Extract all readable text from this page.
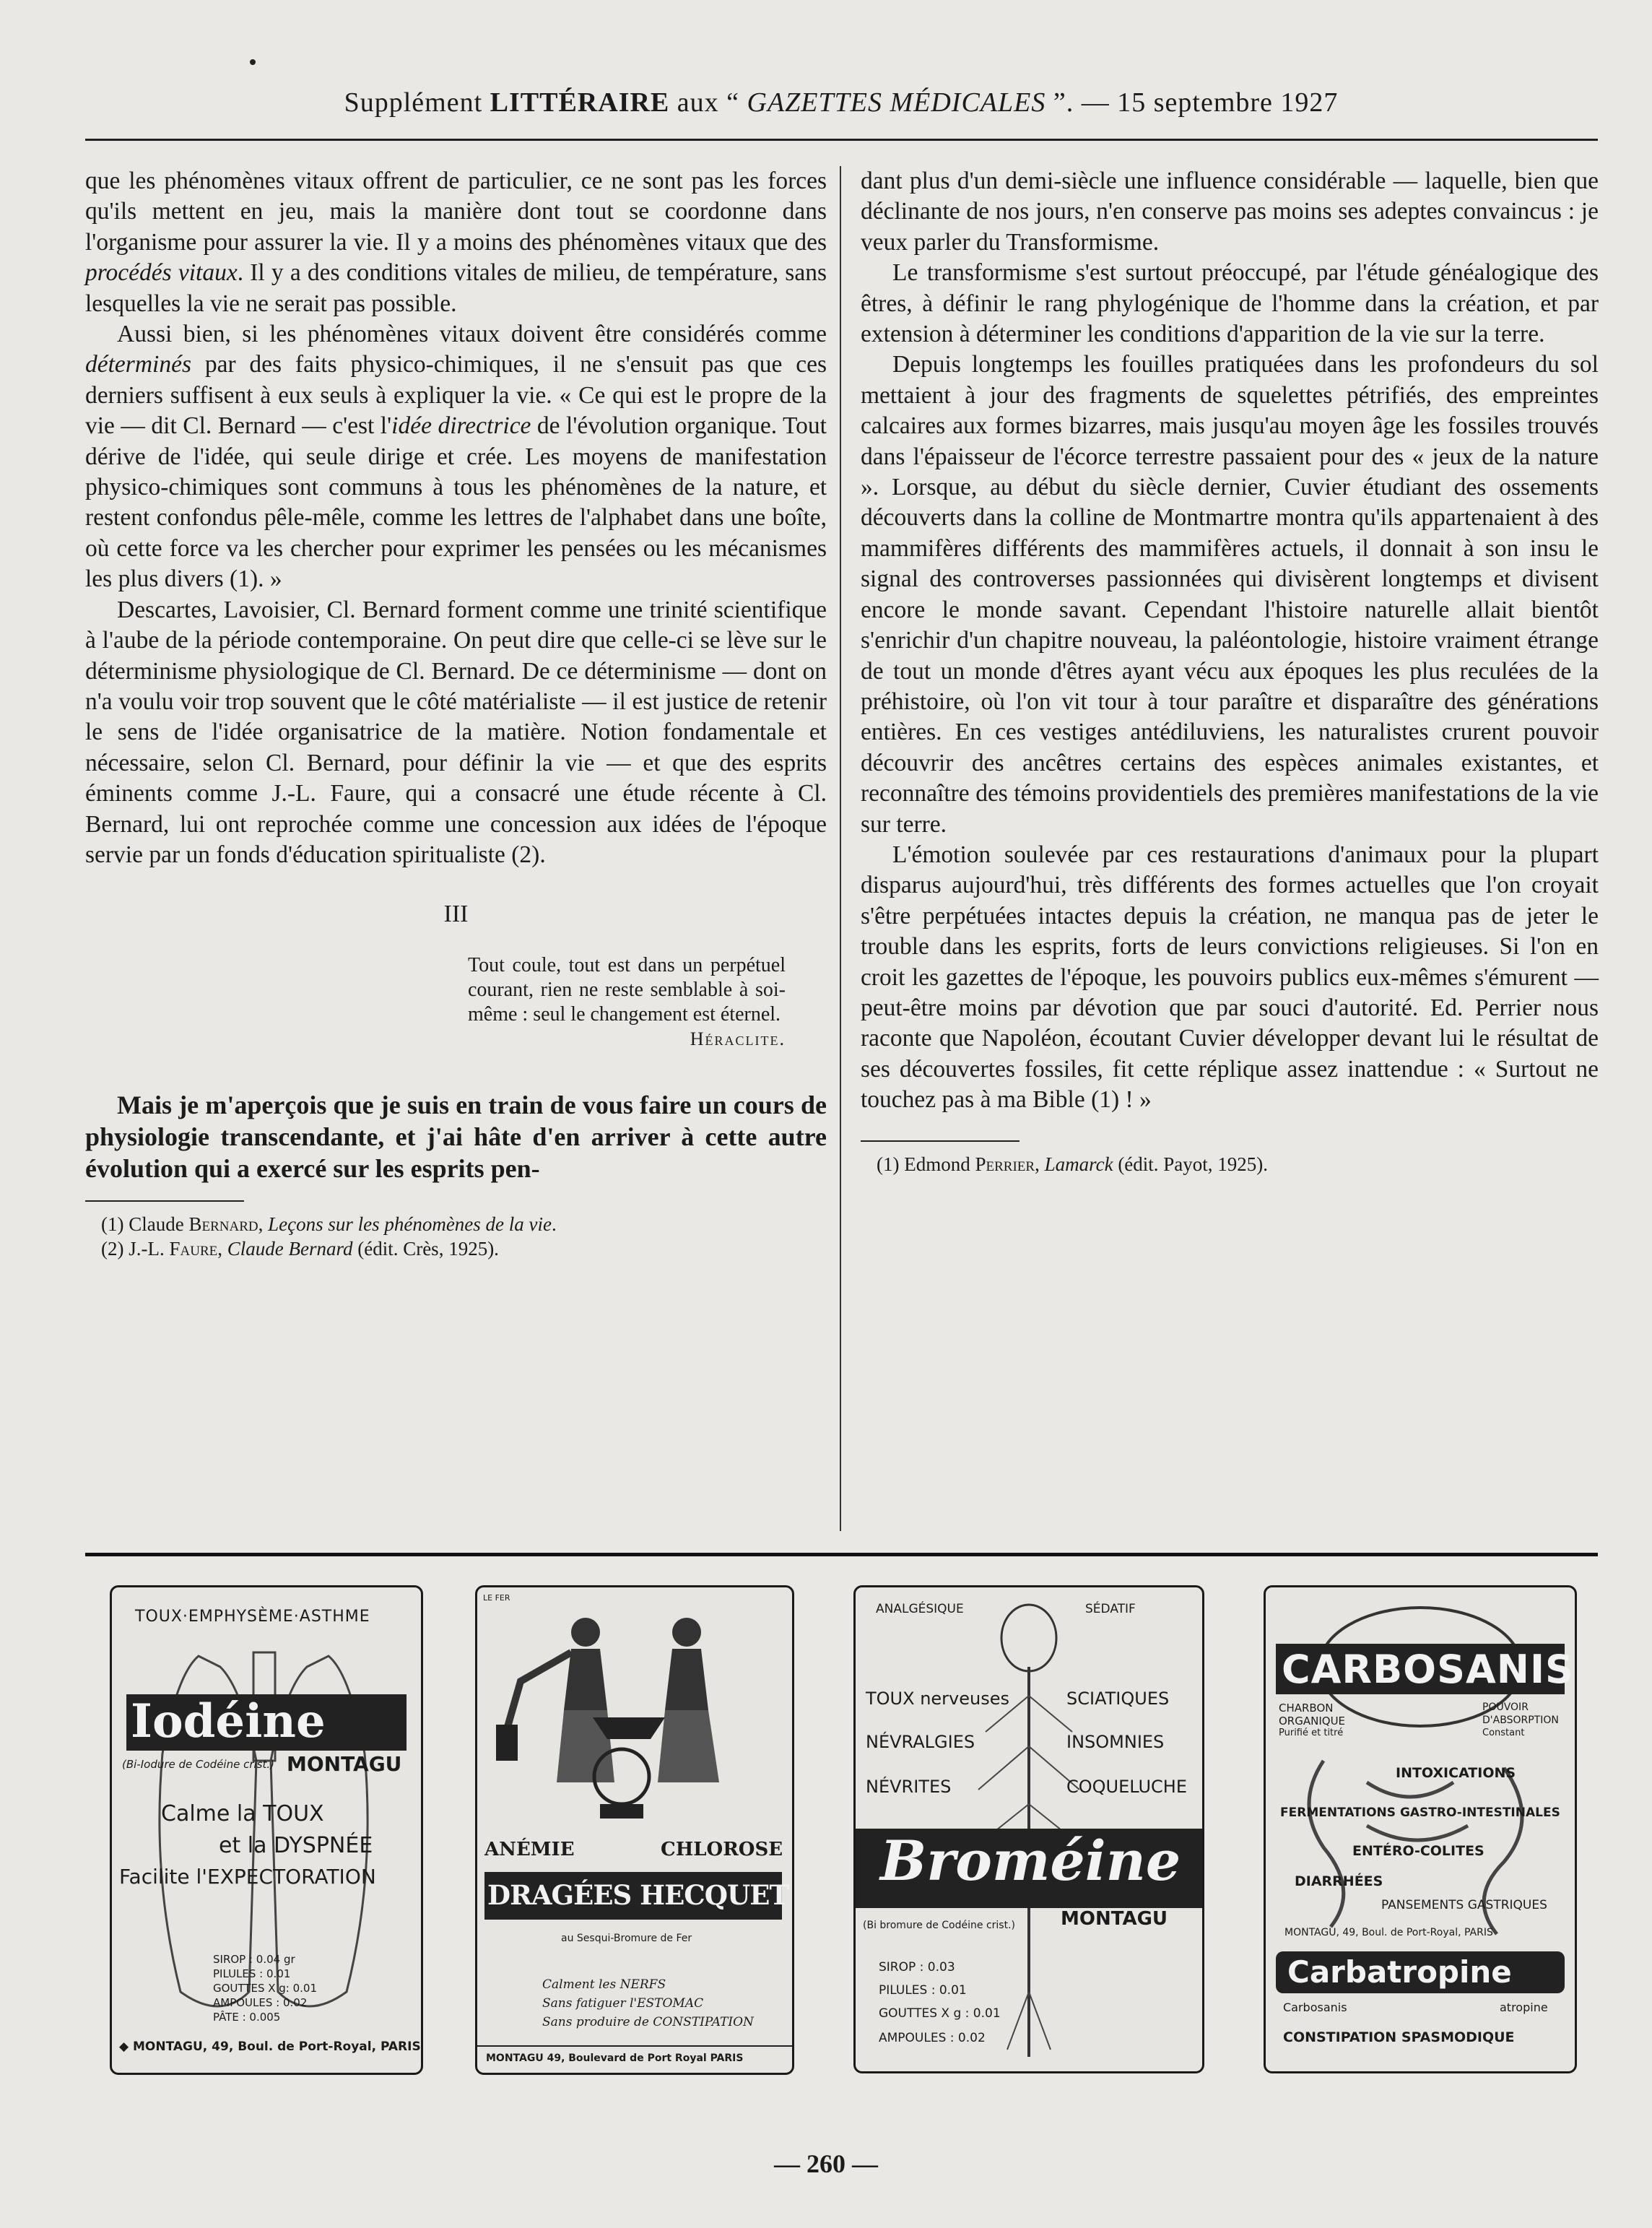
Supplément LITTÉRAIRE aux “ GAZETTES MÉDICALES ”. — 15 septembre 1927

que les phénomènes vitaux offrent de particulier, ce ne sont pas les forces qu'ils mettent en jeu, mais la manière dont tout se coordonne dans l'organisme pour assurer la vie. Il y a moins des phénomènes vitaux que des procédés vitaux. Il y a des conditions vitales de milieu, de température, sans lesquelles la vie ne serait pas possible.

Aussi bien, si les phénomènes vitaux doivent être considérés comme déterminés par des faits physico-chimiques, il ne s'ensuit pas que ces derniers suffisent à eux seuls à expliquer la vie. « Ce qui est le propre de la vie — dit Cl. Bernard — c'est l'idée directrice de l'évolution organique. Tout dérive de l'idée, qui seule dirige et crée. Les moyens de manifestation physico-chimiques sont communs à tous les phénomènes de la nature, et restent confondus pêle-mêle, comme les lettres de l'alphabet dans une boîte, où cette force va les chercher pour exprimer les pensées ou les mécanismes les plus divers (1). »

Descartes, Lavoisier, Cl. Bernard forment comme une trinité scientifique à l'aube de la période contemporaine. On peut dire que celle-ci se lève sur le déterminisme physiologique de Cl. Bernard. De ce déterminisme — dont on n'a voulu voir trop souvent que le côté matérialiste — il est justice de retenir le sens de l'idée organisatrice de la matière. Notion fondamentale et nécessaire, selon Cl. Bernard, pour définir la vie — et que des esprits éminents comme J.-L. Faure, qui a consacré une étude récente à Cl. Bernard, lui ont reprochée comme une concession aux idées de l'époque servie par un fonds d'éducation spiritualiste (2).

III
Tout coule, tout est dans un perpétuel courant, rien ne reste semblable à soi-même : seul le changement est éternel.
Héraclite.

Mais je m'aperçois que je suis en train de vous faire un cours de physiologie transcendante, et j'ai hâte d'en arriver à cette autre évolution qui a exercé sur les esprits pen-

(1) Claude Bernard, Leçons sur les phénomènes de la vie.

(2) J.-L. Faure, Claude Bernard (édit. Crès, 1925).

dant plus d'un demi-siècle une influence considérable — laquelle, bien que déclinante de nos jours, n'en conserve pas moins ses adeptes convaincus : je veux parler du Transformisme.

Le transformisme s'est surtout préoccupé, par l'étude généalogique des êtres, à définir le rang phylogénique de l'homme dans la création, et par extension à déterminer les conditions d'apparition de la vie sur la terre.

Depuis longtemps les fouilles pratiquées dans les profondeurs du sol mettaient à jour des fragments de squelettes pétrifiés, des empreintes calcaires aux formes bizarres, mais jusqu'au moyen âge les fossiles trouvés dans l'épaisseur de l'écorce terrestre passaient pour des « jeux de la nature ». Lorsque, au début du siècle dernier, Cuvier étudiant des ossements découverts dans la colline de Montmartre montra qu'ils appartenaient à des mammifères différents des mammifères actuels, il donnait à son insu le signal des controverses passionnées qui divisèrent longtemps et divisent encore le monde savant. Cependant l'histoire naturelle allait bientôt s'enrichir d'un chapitre nouveau, la paléontologie, histoire vraiment étrange de tout un monde d'êtres ayant vécu aux époques les plus reculées de la préhistoire, où l'on vit tour à tour paraître et disparaître des générations entières. En ces vestiges antédiluviens, les naturalistes crurent pouvoir découvrir des ancêtres certains des espèces animales existantes, et reconnaître des témoins providentiels des premières manifestations de la vie sur terre.

L'émotion soulevée par ces restaurations d'animaux pour la plupart disparus aujourd'hui, très différents des formes actuelles que l'on croyait s'être perpétuées intactes depuis la création, ne manqua pas de jeter le trouble dans les esprits, forts de leurs convictions religieuses. Si l'on en croit les gazettes de l'époque, les pouvoirs publics eux-mêmes s'émurent — peut-être moins par dévotion que par souci d'autorité. Ed. Perrier nous raconte que Napoléon, écoutant Cuvier développer devant lui le résultat de ses découvertes fossiles, fit cette réplique assez inattendue : « Surtout ne touchez pas à ma Bible (1) ! »

(1) Edmond Perrier, Lamarck (édit. Payot, 1925).

TOUX·EMPHYSÈME·ASTHME
Iodéine
(Bi-Iodure de Codéine crist.) MONTAGU
Calme la TOUX
et la DYSPNÉE
Facilite l'EXPECTORATION
SIROP : 0.04 gr
PILULES : 0.01
GOUTTES X g: 0.01
AMPOULES : 0.02
PÂTE : 0.005
◆ MONTAGU, 49, Boul. de Port-Royal, PARIS
LE FER
ANÉMIE	CHLOROSE
DRAGÉES HECQUET
au Sesqui-Bromure de Fer
Calment les NERFS
Sans fatiguer l'ESTOMAC
Sans produire de CONSTIPATION
MONTAGU 49, Boulevard de Port Royal PARIS
ANALGÉSIQUE	SÉDATIF
TOUX nerveuses	SCIATIQUES
NÉVRALGIES	INSOMNIES
NÉVRITES	COQUELUCHE
Broméine
(Bi bromure de Codéine crist.) MONTAGU
SIROP : 0.03
PILULES : 0.01
GOUTTES X g : 0.01
AMPOULES : 0.02
CARBOSANIS
CHARBON
ORGANIQUE
Purifié et titré
POUVOIR
D'ABSORPTION
Constant
INTOXICATIONS
FERMENTATIONS GASTRO-INTESTINALES
ENTÉRO-COLITES
DIARRHÉES
PANSEMENTS GASTRIQUES
MONTAGU, 49, Boul. de Port-Royal, PARIS
Carbatropine
Carbosanis	atropine
CONSTIPATION SPASMODIQUE
— 260 —
